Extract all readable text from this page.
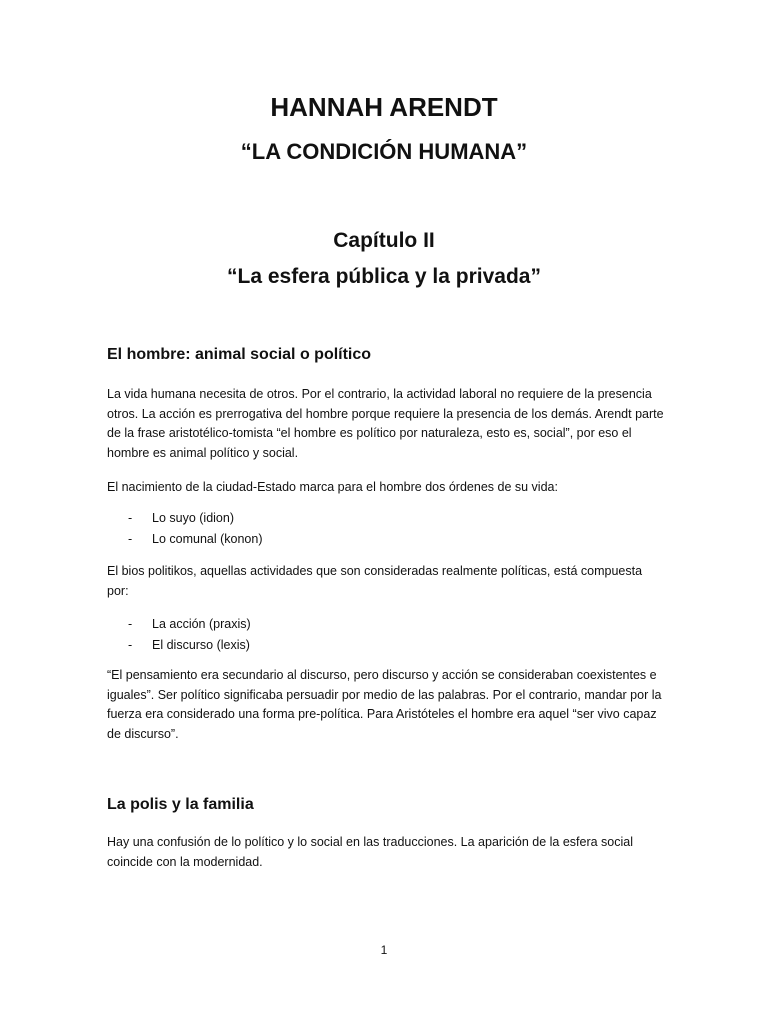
HANNAH ARENDT
“LA CONDICIÓN HUMANA”
Capítulo II
“La esfera pública y la privada”
El hombre: animal social o político

La vida humana necesita de otros. Por el contrario, la actividad laboral no requiere de la presencia otros. La acción es prerrogativa del hombre porque requiere la presencia de los demás. Arendt parte de la frase aristotélico-tomista “el hombre es político por naturaleza, esto es, social”, por eso el hombre es animal político y social.

El nacimiento de la ciudad-Estado marca para el hombre dos órdenes de su vida:

- Lo suyo (idion)
- Lo comunal (konon)

El bios politikos, aquellas actividades que son consideradas realmente políticas, está compuesta por:

- La acción (praxis)
- El discurso (lexis)

“El pensamiento era secundario al discurso, pero discurso y acción se consideraban coexistentes e iguales”. Ser político significaba persuadir por medio de las palabras. Por el contrario, mandar por la fuerza era considerado una forma pre-política. Para Aristóteles el hombre era aquel “ser vivo capaz de discurso”.

La polis y la familia

Hay una confusión de lo político y lo social en las traducciones. La aparición de la esfera social coincide con la modernidad.

1
